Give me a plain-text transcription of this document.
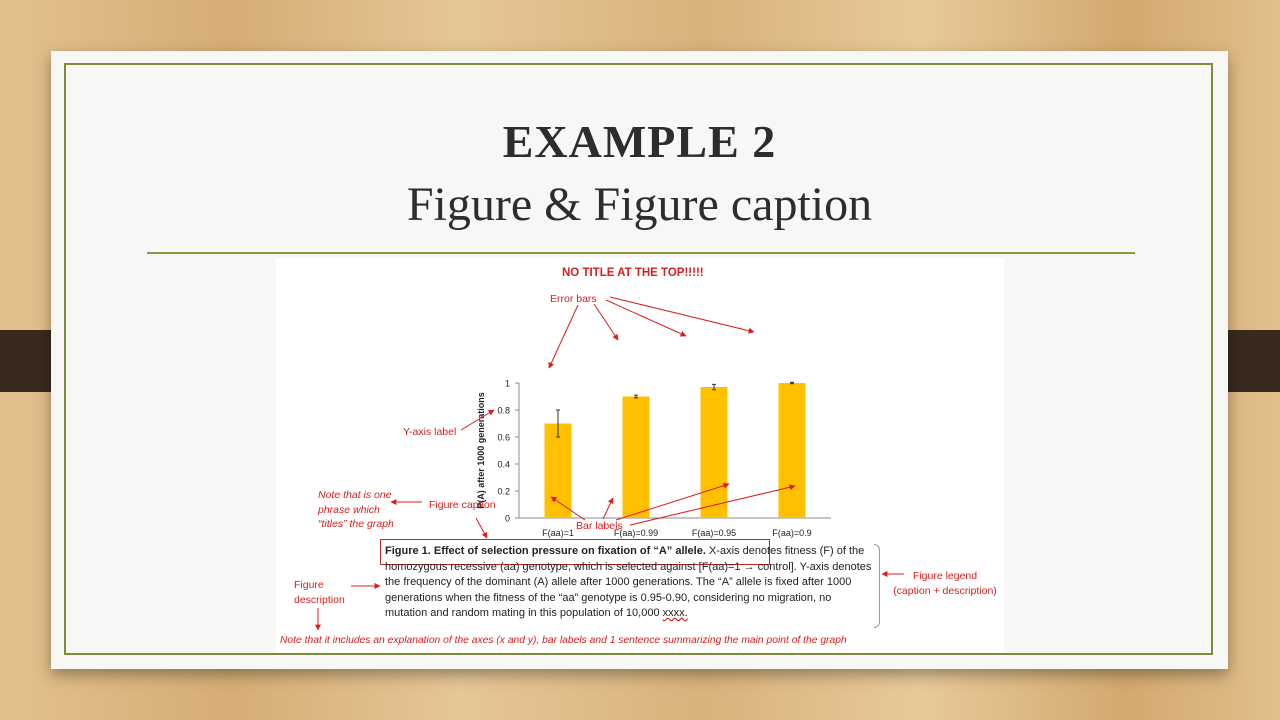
EXAMPLE 2
Figure & Figure caption
NO TITLE AT THE TOP!!!!!
Error bars
Y-axis label
Note that is one
phrase which
“titles” the graph
Figure caption
Bar labels
Figure
description
Figure legend
(caption + description)
Note that it includes an explanation of the axes (x and y), bar labels and 1 sentence summarizing the main point of the graph
Figure 1. Effect of selection pressure on fixation of “A” allele. X-axis denotes fitness (F) of the
homozygous recessive (aa) genotype, which is selected against [F(aa)=1 → control]. Y-axis denotes
the frequency of the dominant (A) allele after 1000 generations. The “A” allele is fixed after 1000
generations when the fitness of the “aa” genotype is 0.95-0.90, considering no migration, no
mutation and random mating in this population of 10,000 xxxx.
0
0.2
0.4
0.6
0.8
1
P(A) after 1000 generations
F(aa)=1	F(aa)=0.99	F(aa)=0.95	F(aa)=0.9
